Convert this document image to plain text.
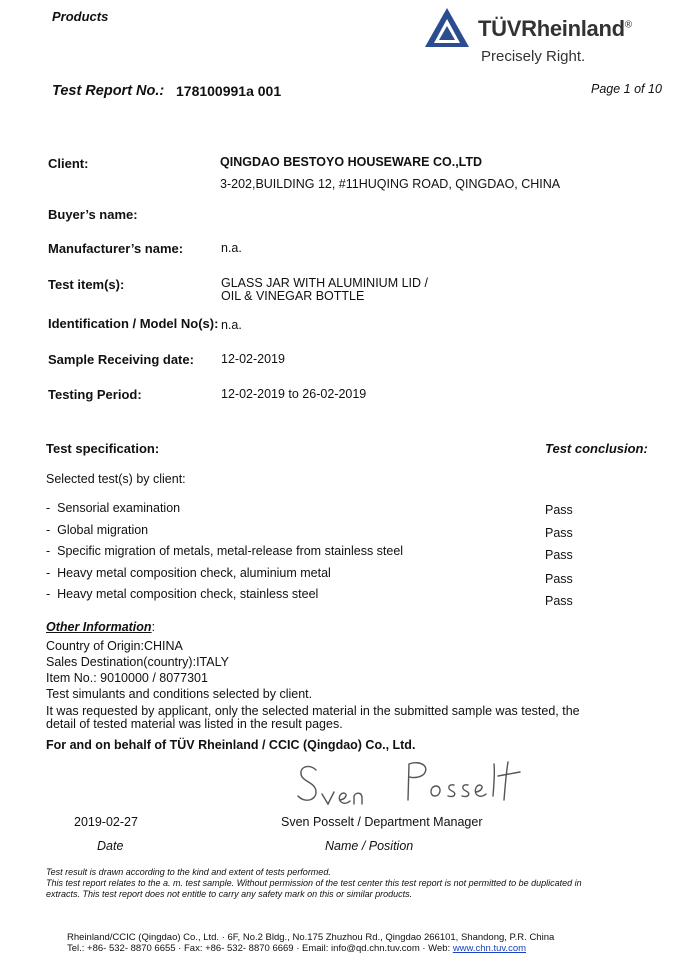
Products	TÜVRheinland®
Precisely Right.
Test Report No.: 178100991a 001	Page 1 of 10
Client:	QINGDAO BESTOYO HOUSEWARE CO.,LTD
3-202,BUILDING 12, #11HUQING ROAD, QINGDAO, CHINA
Buyer’s name:
Manufacturer’s name:	n.a.
Test item(s):	GLASS JAR WITH ALUMINIUM LID /
OIL & VINEGAR BOTTLE
Identification / Model No(s): n.a.
Sample Receiving date: 12-02-2019
Testing Period:	12-02-2019 to 26-02-2019
Test specification:	Test conclusion:
Selected test(s) by client:
-  Sensorial examination	Pass
-  Global migration	Pass
-  Specific migration of metals, metal-release from stainless steel	Pass
-  Heavy metal composition check, aluminium metal	Pass
-  Heavy metal composition check, stainless steel	Pass
Other Information:
Country of Origin:CHINA
Sales Destination(country):ITALY
Item No.: 9010000 / 8077301
Test simulants and conditions selected by client.
It was requested by applicant, only the selected material in the submitted sample was tested, the
detail of tested material was listed in the result pages.
For and on behalf of TÜV Rheinland / CCIC (Qingdao) Co., Ltd.
2019-02-27	Sven Posselt / Department Manager
Date	Name / Position
Test result is drawn according to the kind and extent of tests performed.
This test report relates to the a. m. test sample. Without permission of the test center this test report is not permitted to be duplicated in
extracts. This test report does not entitle to carry any safety mark on this or similar products.
Rheinland/CCIC (Qingdao) Co., Ltd. · 6F, No.2 Bldg., No.175 Zhuzhou Rd., Qingdao 266101, Shandong, P.R. China
Tel.: +86- 532- 8870 6655 · Fax: +86- 532- 8870 6669 · Email: info@qd.chn.tuv.com · Web: www.chn.tuv.com
